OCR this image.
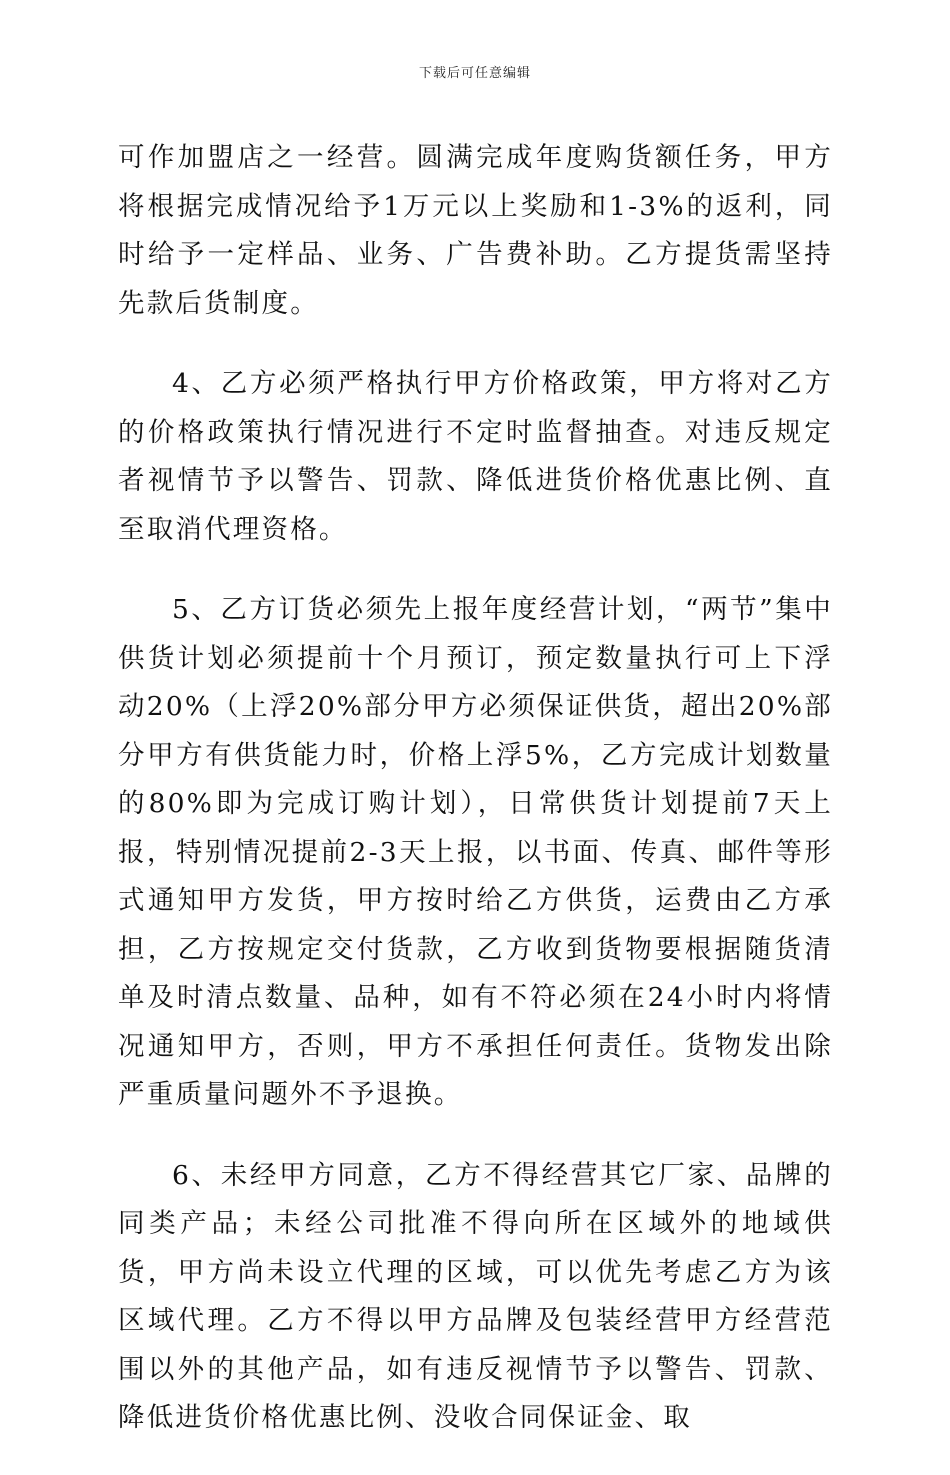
下载后可任意编辑

可作加盟店之一经营。圆满完成年度购货额任务，甲方将根据完成情况给予1万元以上奖励和1-3%的返利，同时给予一定样品、业务、广告费补助。乙方提货需坚持先款后货制度。

4、乙方必须严格执行甲方价格政策，甲方将对乙方的价格政策执行情况进行不定时监督抽查。对违反规定者视情节予以警告、罚款、降低进货价格优惠比例、直至取消代理资格。

5、乙方订货必须先上报年度经营计划，“两节”集中供货计划必须提前十个月预订，预定数量执行可上下浮动20%（上浮20%部分甲方必须保证供货，超出20%部分甲方有供货能力时，价格上浮5%，乙方完成计划数量的80%即为完成订购计划），日常供货计划提前7天上报，特别情况提前2-3天上报，以书面、传真、邮件等形式通知甲方发货，甲方按时给乙方供货，运费由乙方承担，乙方按规定交付货款，乙方收到货物要根据随货清单及时清点数量、品种，如有不符必须在24小时内将情况通知甲方，否则，甲方不承担任何责任。货物发出除严重质量问题外不予退换。

6、未经甲方同意，乙方不得经营其它厂家、品牌的同类产品；未经公司批准不得向所在区域外的地域供货，甲方尚未设立代理的区域，可以优先考虑乙方为该区域代理。乙方不得以甲方品牌及包装经营甲方经营范围以外的其他产品，如有违反视情节予以警告、罚款、降低进货价格优惠比例、没收合同保证金、取
